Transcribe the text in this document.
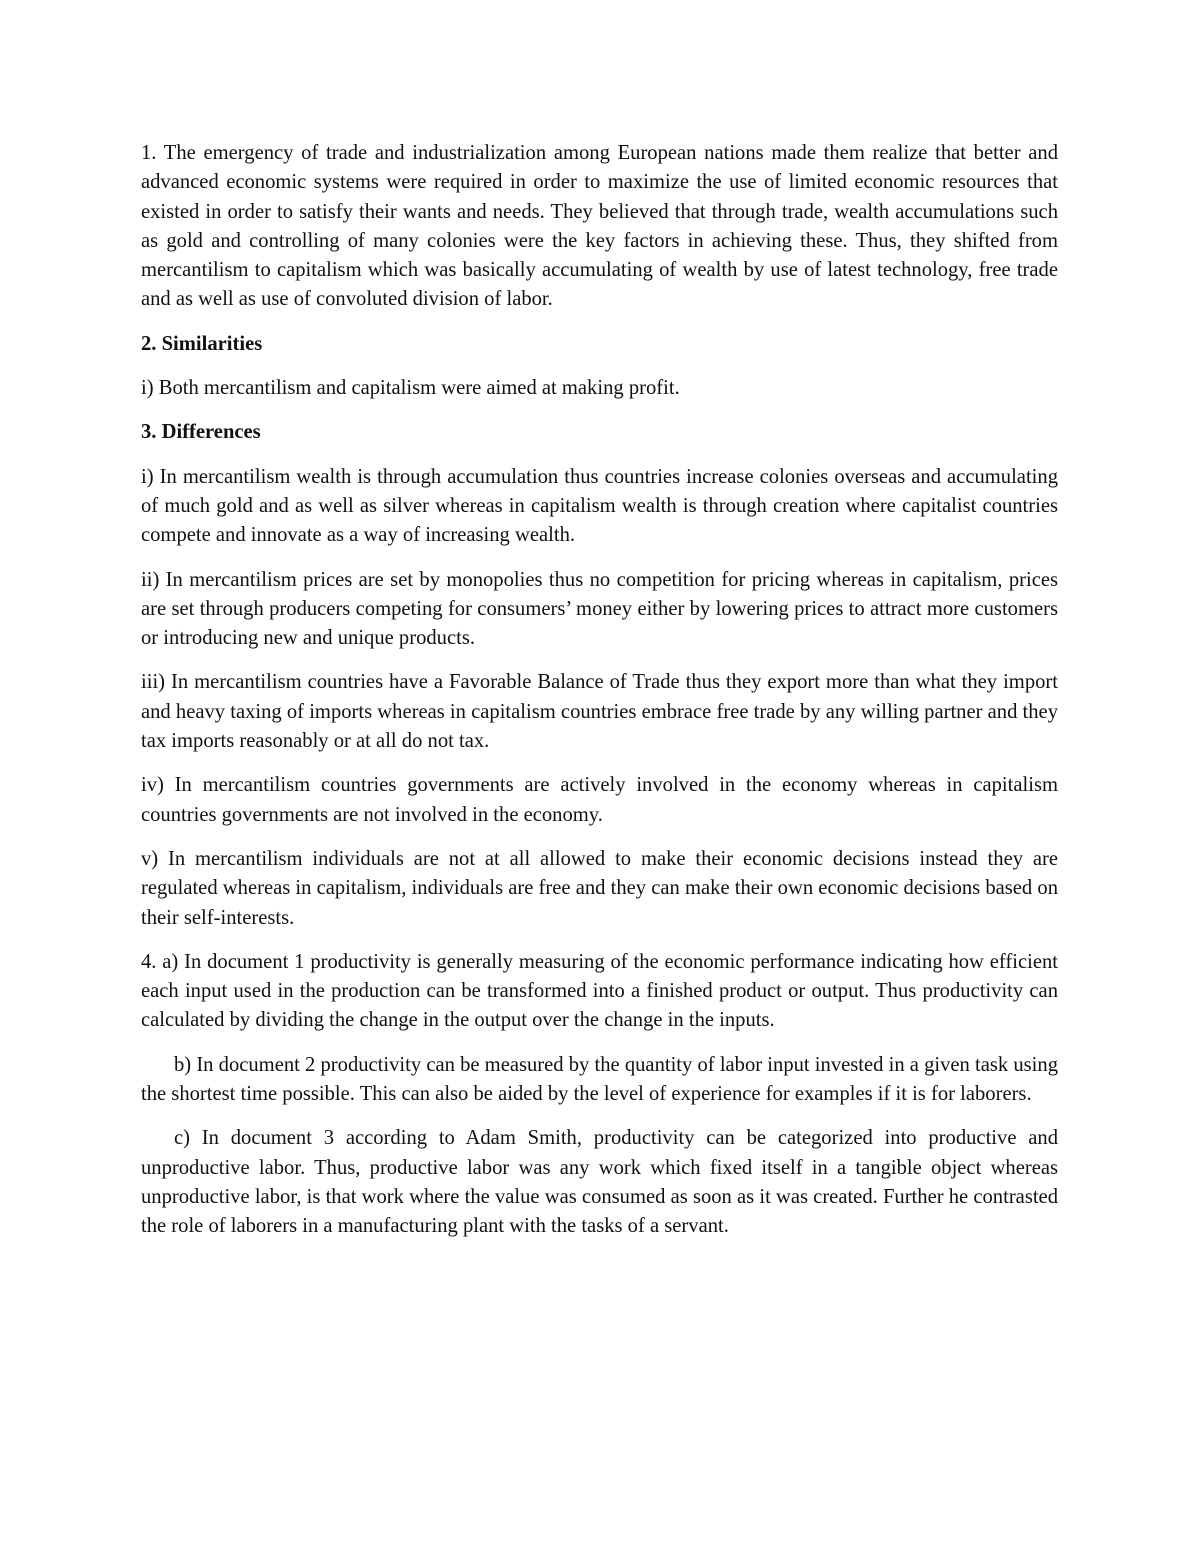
1. The emergency of trade and industrialization among European nations made them realize that better and advanced economic systems were required in order to maximize the use of limited economic resources that existed in order to satisfy their wants and needs. They believed that through trade, wealth accumulations such as gold and controlling of many colonies were the key factors in achieving these. Thus, they shifted from mercantilism to capitalism which was basically accumulating of wealth by use of latest technology, free trade and as well as use of convoluted division of labor.

2. Similarities

i) Both mercantilism and capitalism were aimed at making profit.

3. Differences

i) In mercantilism wealth is through accumulation thus countries increase colonies overseas and accumulating of much gold and as well as silver whereas in capitalism wealth is through creation where capitalist countries compete and innovate as a way of increasing wealth.

ii) In mercantilism prices are set by monopolies thus no competition for pricing whereas in capitalism, prices are set through producers competing for consumers’ money either by lowering prices to attract more customers or introducing new and unique products.

iii) In mercantilism countries have a Favorable Balance of Trade thus they export more than what they import and heavy taxing of imports whereas in capitalism countries embrace free trade by any willing partner and they tax imports reasonably or at all do not tax.

iv) In mercantilism countries governments are actively involved in the economy whereas in capitalism countries governments are not involved in the economy.

v) In mercantilism individuals are not at all allowed to make their economic decisions instead they are regulated whereas in capitalism, individuals are free and they can make their own economic decisions based on their self-interests.

4. a) In document 1 productivity is generally measuring of the economic performance indicating how efficient each input used in the production can be transformed into a finished product or output. Thus productivity can calculated by dividing the change in the output over the change in the inputs.

b) In document 2 productivity can be measured by the quantity of labor input invested in a given task using the shortest time possible. This can also be aided by the level of experience for examples if it is for laborers.

c) In document 3 according to Adam Smith, productivity can be categorized into productive and unproductive labor. Thus, productive labor was any work which fixed itself in a tangible object whereas unproductive labor, is that work where the value was consumed as soon as it was created. Further he contrasted the role of laborers in a manufacturing plant with the tasks of a servant.
